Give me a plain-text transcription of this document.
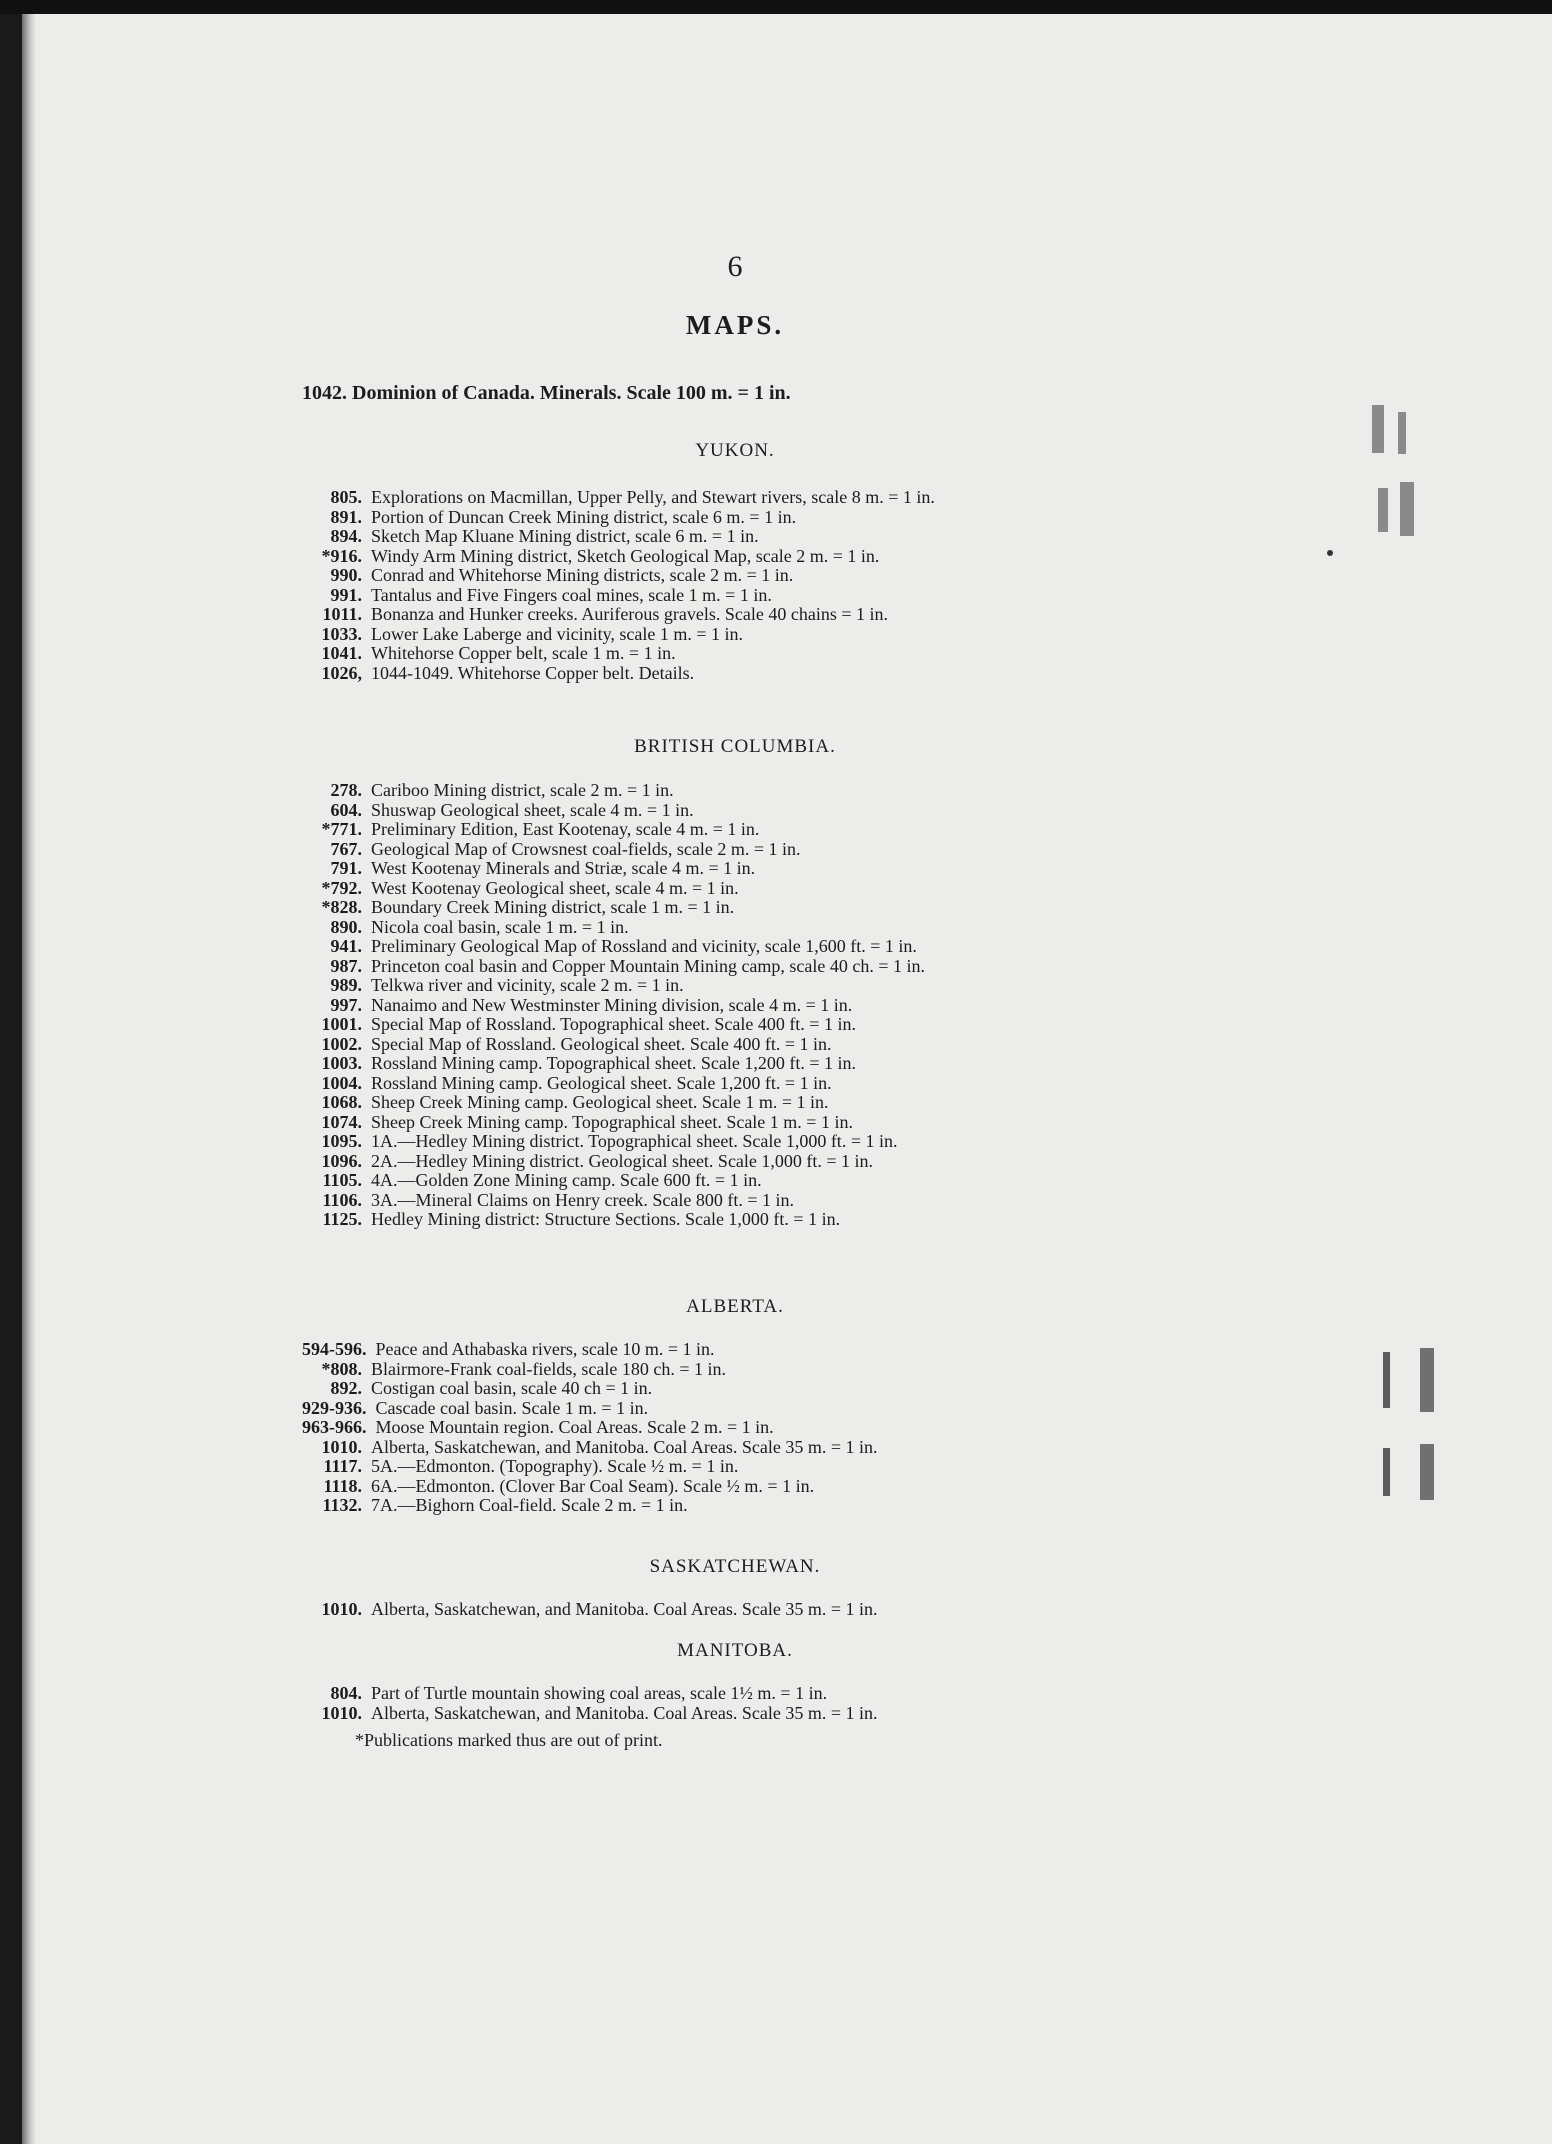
6
MAPS.
1042. Dominion of Canada. Minerals. Scale 100 m. = 1 in.
YUKON.
805. Explorations on Macmillan, Upper Pelly, and Stewart rivers, scale 8 m. = 1 in.
891. Portion of Duncan Creek Mining district, scale 6 m. = 1 in.
894. Sketch Map Kluane Mining district, scale 6 m. = 1 in.
*916. Windy Arm Mining district, Sketch Geological Map, scale 2 m. = 1 in.
990. Conrad and Whitehorse Mining districts, scale 2 m. = 1 in.
991. Tantalus and Five Fingers coal mines, scale 1 m. = 1 in.
1011. Bonanza and Hunker creeks. Auriferous gravels. Scale 40 chains = 1 in.
1033. Lower Lake Laberge and vicinity, scale 1 m. = 1 in.
1041. Whitehorse Copper belt, scale 1 m. = 1 in.
1026, 1044-1049. Whitehorse Copper belt. Details.
BRITISH COLUMBIA.
278. Cariboo Mining district, scale 2 m. = 1 in.
604. Shuswap Geological sheet, scale 4 m. = 1 in.
*771. Preliminary Edition, East Kootenay, scale 4 m. = 1 in.
767. Geological Map of Crowsnest coal-fields, scale 2 m. = 1 in.
791. West Kootenay Minerals and Striæ, scale 4 m. = 1 in.
*792. West Kootenay Geological sheet, scale 4 m. = 1 in.
*828. Boundary Creek Mining district, scale 1 m. = 1 in.
890. Nicola coal basin, scale 1 m. = 1 in.
941. Preliminary Geological Map of Rossland and vicinity, scale 1,600 ft. = 1 in.
987. Princeton coal basin and Copper Mountain Mining camp, scale 40 ch. = 1 in.
989. Telkwa river and vicinity, scale 2 m. = 1 in.
997. Nanaimo and New Westminster Mining division, scale 4 m. = 1 in.
1001. Special Map of Rossland. Topographical sheet. Scale 400 ft. = 1 in.
1002. Special Map of Rossland. Geological sheet. Scale 400 ft. = 1 in.
1003. Rossland Mining camp. Topographical sheet. Scale 1,200 ft. = 1 in.
1004. Rossland Mining camp. Geological sheet. Scale 1,200 ft. = 1 in.
1068. Sheep Creek Mining camp. Geological sheet. Scale 1 m. = 1 in.
1074. Sheep Creek Mining camp. Topographical sheet. Scale 1 m. = 1 in.
1095. 1A.—Hedley Mining district. Topographical sheet. Scale 1,000 ft. = 1 in.
1096. 2A.—Hedley Mining district. Geological sheet. Scale 1,000 ft. = 1 in.
1105. 4A.—Golden Zone Mining camp. Scale 600 ft. = 1 in.
1106. 3A.—Mineral Claims on Henry creek. Scale 800 ft. = 1 in.
1125. Hedley Mining district: Structure Sections. Scale 1,000 ft. = 1 in.
ALBERTA.
594-596. Peace and Athabaska rivers, scale 10 m. = 1 in.
*808. Blairmore-Frank coal-fields, scale 180 ch. = 1 in.
892. Costigan coal basin, scale 40 ch = 1 in.
929-936. Cascade coal basin. Scale 1 m. = 1 in.
963-966. Moose Mountain region. Coal Areas. Scale 2 m. = 1 in.
1010. Alberta, Saskatchewan, and Manitoba. Coal Areas. Scale 35 m. = 1 in.
1117. 5A.—Edmonton. (Topography). Scale ½ m. = 1 in.
1118. 6A.—Edmonton. (Clover Bar Coal Seam). Scale ½ m. = 1 in.
1132. 7A.—Bighorn Coal-field. Scale 2 m. = 1 in.
SASKATCHEWAN.
1010. Alberta, Saskatchewan, and Manitoba. Coal Areas. Scale 35 m. = 1 in.
MANITOBA.
804. Part of Turtle mountain showing coal areas, scale 1½ m. = 1 in.
1010. Alberta, Saskatchewan, and Manitoba. Coal Areas. Scale 35 m. = 1 in.
*Publications marked thus are out of print.
